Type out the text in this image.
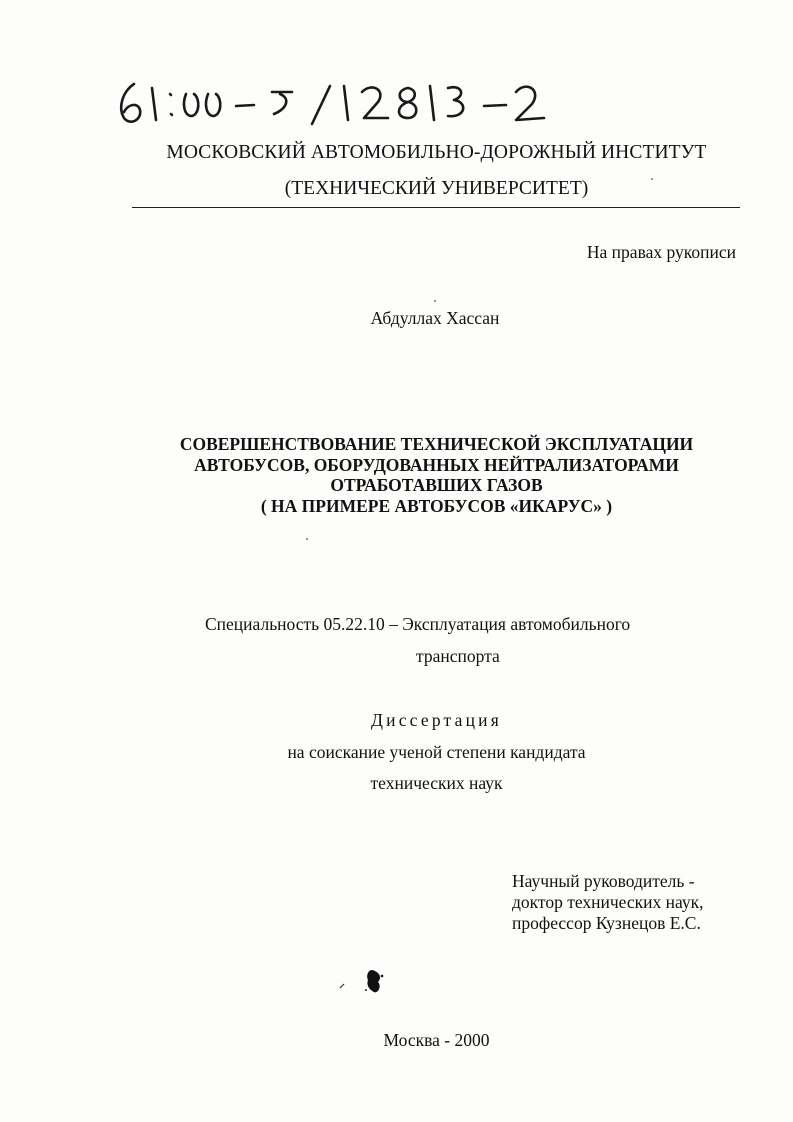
МОСКОВСКИЙ АВТОМОБИЛЬНО-ДОРОЖНЫЙ ИНСТИТУТ
(ТЕХНИЧЕСКИЙ УНИВЕРСИТЕТ)
На правах рукописи
Абдуллах Хассан
СОВЕРШЕНСТВОВАНИЕ ТЕХНИЧЕСКОЙ ЭКСПЛУАТАЦИИ
АВТОБУСОВ, ОБОРУДОВАННЫХ НЕЙТРАЛИЗАТОРАМИ
ОТРАБОТАВШИХ ГАЗОВ
( НА ПРИМЕРЕ АВТОБУСОВ «ИКАРУС» )
Специальность 05.22.10 – Эксплуатация автомобильного
транспорта
Диссертация
на соискание ученой степени кандидата
технических наук
Научный руководитель -
доктор технических наук,
профессор Кузнецов Е.С.
Москва - 2000
